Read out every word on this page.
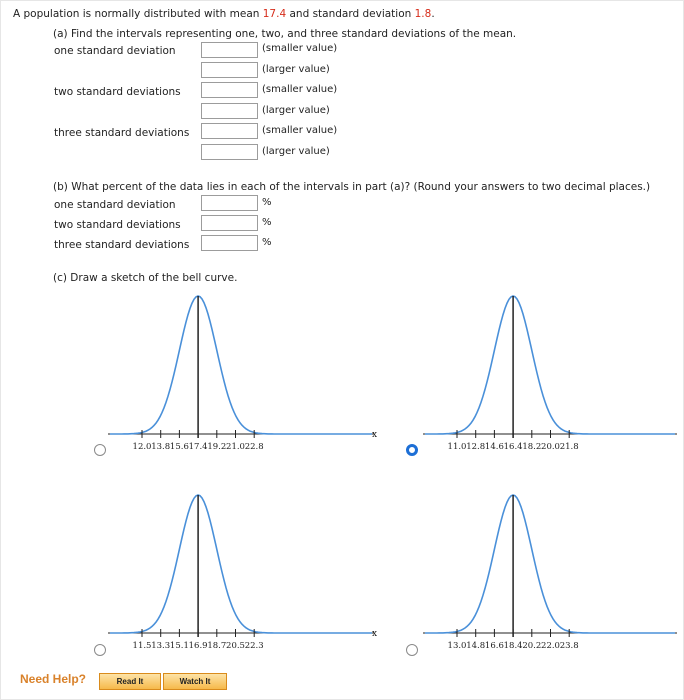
A population is normally distributed with mean 17.4 and standard deviation 1.8.
(a) Find the intervals representing one, two, and three standard deviations of the mean.
one standard deviation	(smaller value)
(larger value)
two standard deviations	(smaller value)
(larger value)
three standard deviations	(smaller value)
(larger value)
(b) What percent of the data lies in each of the intervals in part (a)? (Round your answers to two decimal places.)
one standard deviation	%
two standard deviations	%
three standard deviations	%
(c) Draw a sketch of the bell curve.
12.0 13.8 15.6 17.4 19.2 21.0 22.8
x
11.0 12.8 14.6 16.4 18.2 20.0 21.8
11.5 13.3 15.1 16.9 18.7 20.5 22.3
x
13.0 14.8 16.6 18.4 20.2 22.0 23.8
Need Help?	Read It	Watch It
